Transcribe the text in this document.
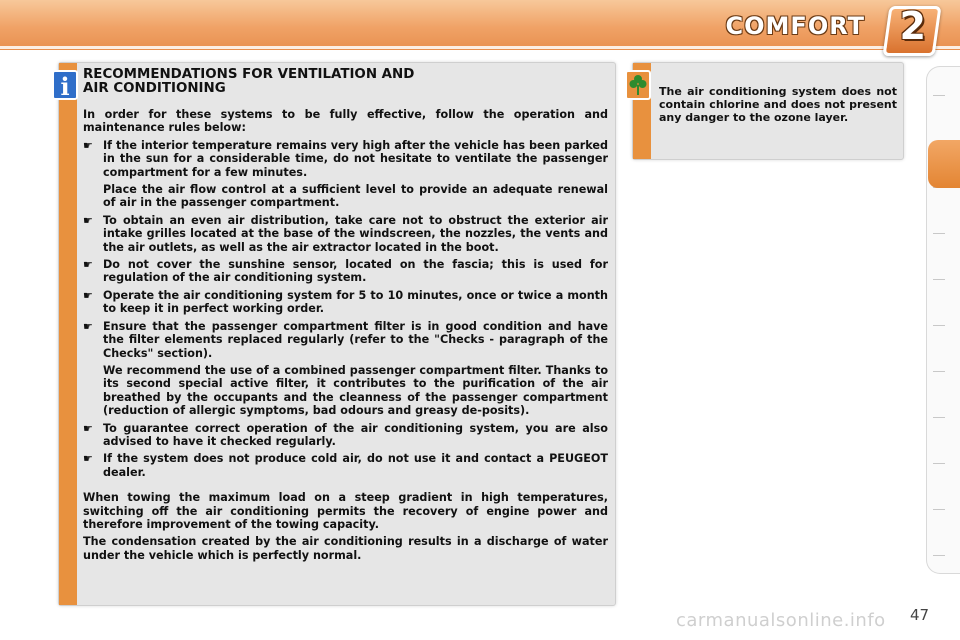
COMFORT 2
i	RECOMMENDATIONS FOR VENTILATION AND
AIR CONDITIONING
In order for these systems to be fully effective, follow the operation and maintenance rules below:
☛ If the interior temperature remains very high after the vehicle has been parked in the sun for a considerable time, do not hesitate to ventilate the passenger compartment for a few minutes.
Place the air flow control at a sufficient level to provide an adequate renewal of air in the passenger compartment.
☛ To obtain an even air distribution, take care not to obstruct the exterior air intake grilles located at the base of the windscreen, the nozzles, the vents and the air outlets, as well as the air extractor located in the boot.
☛ Do not cover the sunshine sensor, located on the fascia; this is used for regulation of the air conditioning system.
☛ Operate the air conditioning system for 5 to 10 minutes, once or twice a month to keep it in perfect working order.
☛ Ensure that the passenger compartment filter is in good condition and have the filter elements replaced regularly (refer to the "Checks - paragraph of the Checks" section).
We recommend the use of a combined passenger compartment filter. Thanks to its second special active filter, it contributes to the purification of the air breathed by the occupants and the cleanness of the passenger compartment (reduction of allergic symptoms, bad odours and greasy de-posits).
☛ To guarantee correct operation of the air conditioning system, you are also advised to have it checked regularly.
☛ If the system does not produce cold air, do not use it and contact a PEUGEOT dealer.
When towing the maximum load on a steep gradient in high temperatures, switching off the air conditioning permits the recovery of engine power and therefore improvement of the towing capacity.
The condensation created by the air conditioning results in a discharge of water under the vehicle which is perfectly normal.
The air conditioning system does not contain chlorine and does not present any danger to the ozone layer.
47
carmanualsonline.info
